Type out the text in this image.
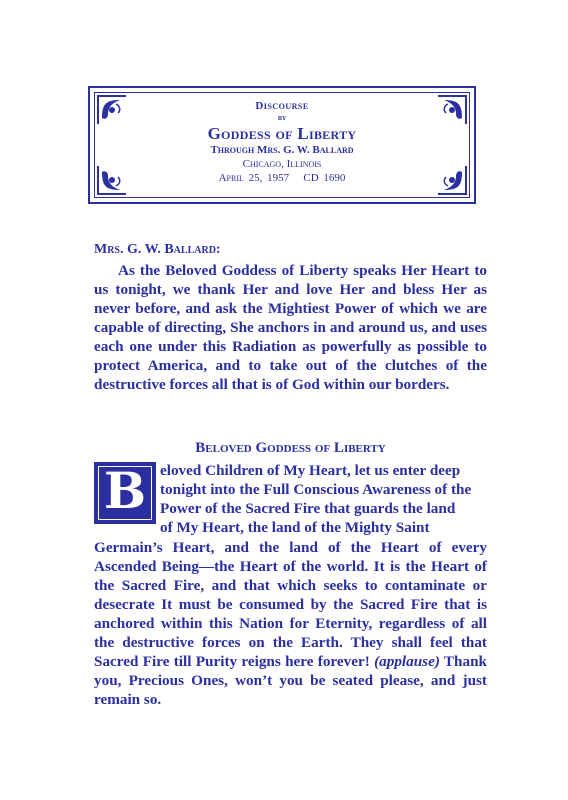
Discourse
by
Goddess of Liberty
Through Mrs. G. W. Ballard
Chicago, Illinois
April 25, 1957   CD 1690
Mrs. G. W. Ballard:
As the Beloved Goddess of Liberty speaks Her Heart to us tonight, we thank Her and love Her and bless Her as never before, and ask the Mightiest Power of which we are capable of directing, She anchors in and around us, and uses each one under this Radiation as powerfully as possible to protect America, and to take out of the clutches of the destructive forces all that is of God within our borders.
Beloved Goddess of Liberty
B eloved Children of My Heart, let us enter deep
tonight into the Full Conscious Awareness of the
Power of the Sacred Fire that guards the land
of My Heart, the land of the Mighty Saint
Germain’s Heart, and the land of the Heart of every Ascended Being—the Heart of the world. It is the Heart of the Sacred Fire, and that which seeks to contaminate or desecrate It must be consumed by the Sacred Fire that is anchored within this Nation for Eternity, regardless of all the destructive forces on the Earth. They shall feel that Sacred Fire till Purity reigns here forever! (applause) Thank you, Precious Ones, won’t you be seated please, and just remain so.
